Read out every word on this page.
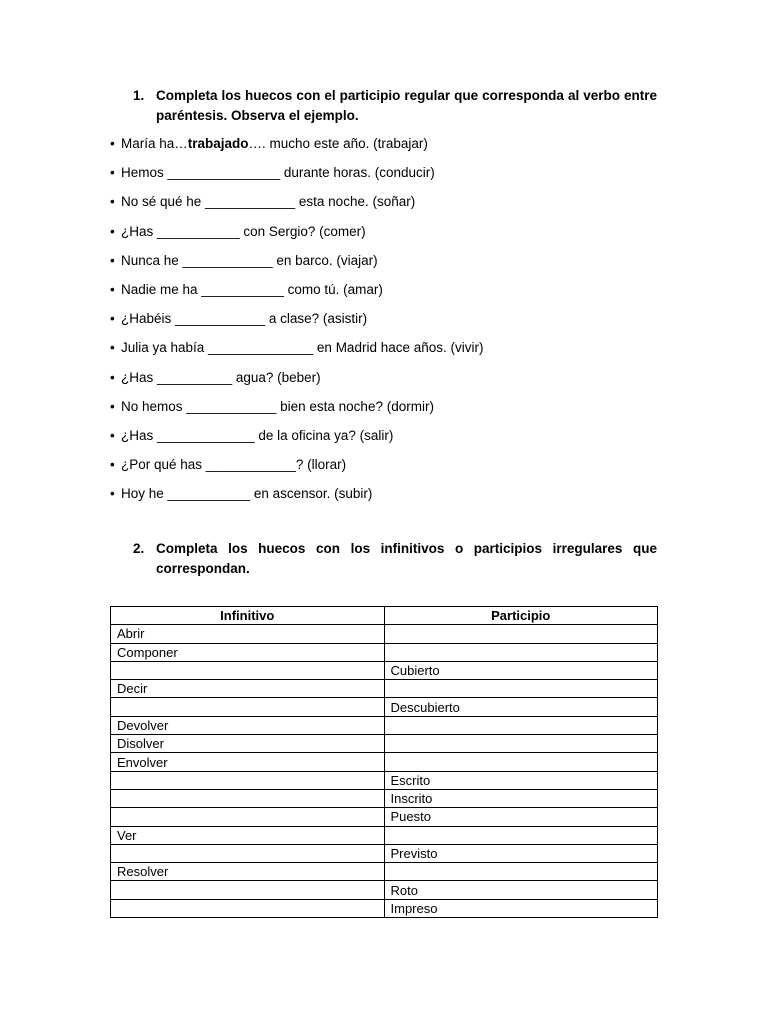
1. Completa los huecos con el participio regular que corresponda al verbo entre paréntesis. Observa el ejemplo.
• María ha…trabajado…. mucho este año. (trabajar)
• Hemos _______________ durante horas. (conducir)
• No sé qué he ____________ esta noche. (soñar)
• ¿Has ___________ con Sergio? (comer)
• Nunca he ____________ en barco. (viajar)
• Nadie me ha ___________ como tú. (amar)
• ¿Habéis ____________ a clase? (asistir)
• Julia ya había ______________ en Madrid hace años. (vivir)
• ¿Has __________ agua? (beber)
• No hemos ____________ bien esta noche? (dormir)
• ¿Has _____________ de la oficina ya? (salir)
• ¿Por qué has ____________? (llorar)
• Hoy he ___________ en ascensor. (subir)
2. Completa los huecos con los infinitivos o participios irregulares que correspondan.
Infinitivo	Participio
Abrir	
Componer	
	Cubierto
Decir	
	Descubierto
Devolver	
Disolver	
Envolver	
	Escrito
	Inscrito
	Puesto
Ver	
	Previsto
Resolver	
	Roto
	Impreso
